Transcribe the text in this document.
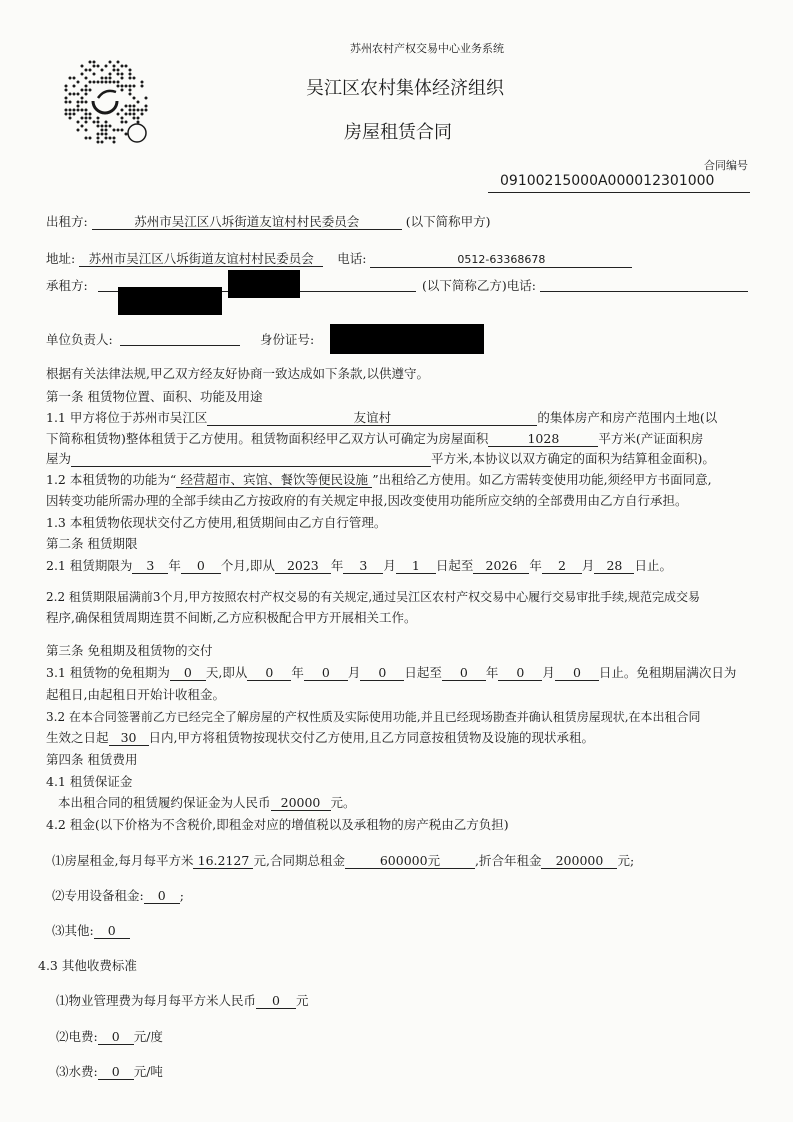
苏州农村产权交易中心业务系统
吴江区农村集体经济组织
房屋租赁合同
合同编号
09100215000A000012301000
出租方:	苏州市吴江区八坼街道友谊村村民委员会	(以下简称甲方)
地址: 苏州市吴江区八坼街道友谊村村民委员会 电话:	0512-63368678
承租方:	(以下简称乙方)电话:
单位负责人:	身份证号:

根据有关法律法规,甲乙双方经友好协商一致达成如下条款,以供遵守。

第一条 租赁物位置、面积、功能及用途

1.1 甲方将位于苏州市吴江区	友谊村	的集体房产和房产范围内土地(以

下简称租赁物)整体租赁于乙方使用。租赁物面积经甲乙双方认可确定为房屋面积	1028	平方米(产证面积房

屋为	平方米,本协议以双方确定的面积为结算租金面积)。

1.2 本租赁物的功能为“ 经营超市、宾馆、餐饮等便民设施 ”出租给乙方使用。如乙方需转变使用功能,须经甲方书面同意,

因转变功能所需办理的全部手续由乙方按政府的有关规定申报,因改变使用功能所应交纳的全部费用由乙方自行承担。

1.3 本租赁物依现状交付乙方使用,租赁期间由乙方自行管理。

第二条 租赁期限

2.1 租赁期限为 3 年 0 个月,即从 2023 年 3 月 1 日起至 2026 年 2 月 28 日止。

2.2 租赁期限届满前3个月,甲方按照农村产权交易的有关规定,通过吴江区农村产权交易中心履行交易审批手续,规范完成交易

程序,确保租赁周期连贯不间断,乙方应积极配合甲方开展相关工作。

第三条 免租期及租赁物的交付

3.1 租赁物的免租期为 0 天,即从 0 年 0 月 0 日起至 0 年 0 月 0 日止。免租期届满次日为

起租日,由起租日开始计收租金。

3.2 在本合同签署前乙方已经完全了解房屋的产权性质及实际使用功能,并且已经现场勘查并确认租赁房屋现状,在本出租合同

生效之日起 30 日内,甲方将租赁物按现状交付乙方使用,且乙方同意按租赁物及设施的现状承租。

第四条 租赁费用

4.1 租赁保证金

本出租合同的租赁履约保证金为人民币 20000 元。

4.2 租金(以下价格为不含税价,即租金对应的增值税以及承租物的房产税由乙方负担)

⑴房屋租金,每月每平方米 16.2127 元,合同期总租金	600000元	,折合年租金 200000 元;

⑵专用设备租金: 0 ;

⑶其他: 0

4.3 其他收费标准

⑴物业管理费为每月每平方米人民币 0 元

⑵电费: 0 元/度

⑶水费: 0 元/吨
